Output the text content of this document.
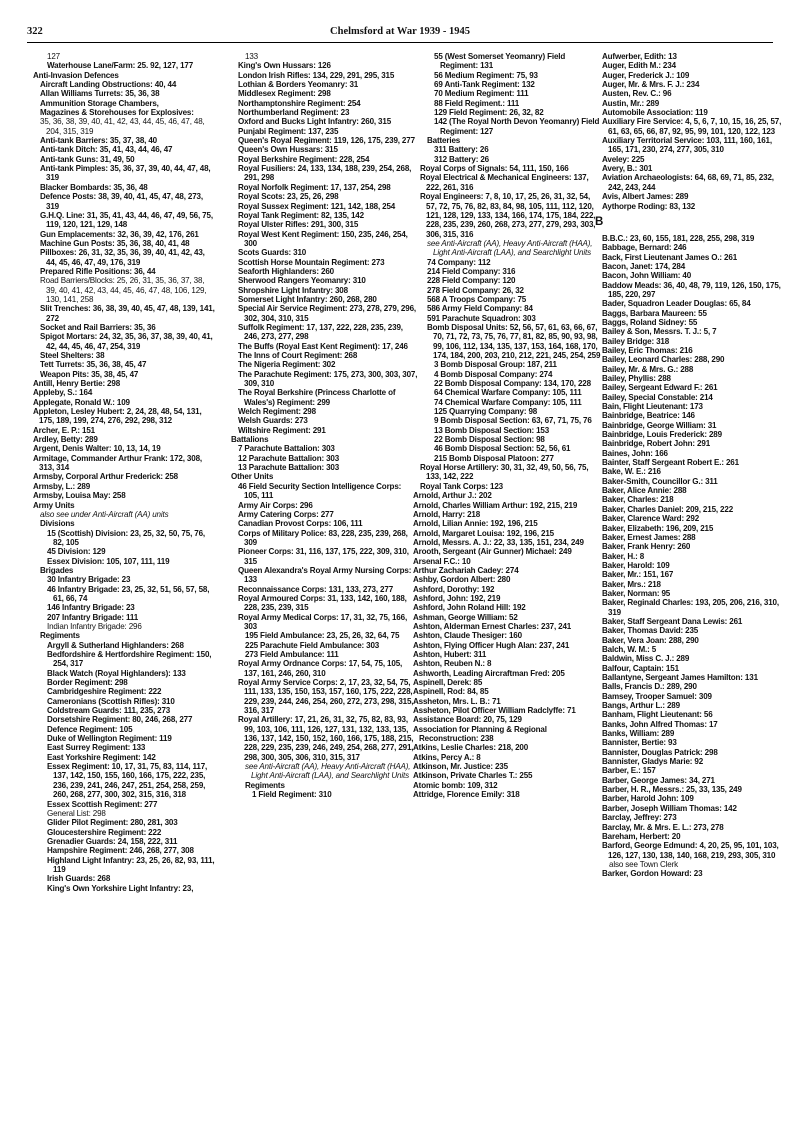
322	Chelmsford at War 1939 - 1945
127
Waterhouse Lane/Farm: 25. 92, 127, 177
Anti-Invasion Defences
Aircraft Landing Obstructions: 40, 44
Allan Williams Turrets: 35, 36, 38
Ammunition Storage Chambers,
Magazines & Storehouses for Explosives:
35, 36, 38, 39, 40, 41, 42, 43, 44, 45, 46, 47, 48, 204, 315, 319
Anti-tank Barriers: 35, 37, 38, 40
Anti-tank Ditch: 35, 41, 43, 44, 46, 47
Anti-tank Guns: 31, 49, 50
Anti-tank Pimples: 35, 36, 37, 39, 40, 44, 47, 48, 319
Blacker Bombards: 35, 36, 48
Defence Posts: 38, 39, 40, 41, 45, 47, 48, 273, 319
G.H.Q. Line: 31, 35, 41, 43, 44, 46, 47, 49, 56, 75, 119, 120, 121, 129, 148
Gun Emplacements: 32, 36, 39, 42, 176, 261
Machine Gun Posts: 35, 36, 38, 40, 41, 48
Pillboxes: 26, 31, 32, 35, 36, 39, 40, 41, 42, 43, 44, 45, 46, 47, 49, 176, 319
Prepared Rifle Positions: 36, 44
Road Barriers/Blocks: 25, 26, 31, 35, 36, 37, 38, 39, 40, 41, 42, 43, 44, 45, 46, 47, 48, 106, 129, 130, 141, 258
Slit Trenches: 36, 38, 39, 40, 45, 47, 48, 139, 141, 272
Socket and Rail Barriers: 35, 36
Spigot Mortars: 24, 32, 35, 36, 37, 38, 39, 40, 41, 42, 44, 45, 46, 47, 254, 319
Steel Shelters: 38
Tett Turrets: 35, 36, 38, 45, 47
Weapon Pits: 35, 38, 45, 47
Antill, Henry Bertie: 298
Appleby, S.: 164
Applegate, Ronald W.: 109
Appleton, Lesley Hubert: 2, 24, 28, 48, 54, 131, 175, 189, 199, 274, 276, 292, 298, 312
Archer, E. P.: 151
Ardley, Betty: 289
Argent, Denis Walter: 10, 13, 14, 19
Armitage, Commander Arthur Frank: 172, 308, 313, 314
Armsby, Corporal Arthur Frederick: 258
Armsby, L.: 289
Armsby, Louisa May: 258
Army Units
also see under Anti-Aircraft (AA) units
Divisions
15 (Scottish) Division: 23, 25, 32, 50, 75, 76, 82, 105
45 Division: 129
Essex Division: 105, 107, 111, 119
Brigades
30 Infantry Brigade: 23
46 Infantry Brigade: 23, 25, 32, 51, 56, 57, 58, 61, 66, 74
146 Infantry Brigade: 23
207 Infantry Brigade: 111
Indian Infantry Brigade: 296
Regiments
Argyll & Sutherland Highlanders: 268
Bedfordshire & Hertfordshire Regiment: 150, 254, 317
Black Watch (Royal Highlanders): 133
Border Regiment: 298
Cambridgeshire Regiment: 222
Cameronians (Scottish Rifles): 310
Coldstream Guards: 111, 235, 273
Dorsetshire Regiment: 80, 246, 268, 277
Defence Regiment: 105
Duke of Wellington Regiment: 119
East Surrey Regiment: 133
East Yorkshire Regiment: 142
Essex Regiment: 10, 17, 31, 75, 83, 114, 117, 137, 142, 150, 155, 160, 166, 175, 222, 235, 236, 239, 241, 246, 247, 251, 254, 258, 259, 260, 268, 277, 300, 302, 315, 316, 318
Essex Scottish Regiment: 277
General List: 298
Glider Pilot Regiment: 280, 281, 303
Gloucestershire Regiment: 222
Grenadier Guards: 24, 158, 222, 311
Hampshire Regiment: 246, 268, 277, 308
Highland Light Infantry: 23, 25, 26, 82, 93, 111, 119
Irish Guards: 268
King's Own Yorkshire Light Infantry: 23,
133
King's Own Hussars: 126
London Irish Rifles: 134, 229, 291, 295, 315
Lothian & Borders Yeomanry: 31
Middlesex Regiment: 298
Northamptonshire Regiment: 254
Northumberland Regiment: 23
Oxford and Bucks Light Infantry: 260, 315
Punjabi Regiment: 137, 235
Queen's Royal Regiment: 119, 126, 175, 239, 277
Queen's Own Hussars: 315
Royal Berkshire Regiment: 228, 254
Royal Fusiliers: 24, 133, 134, 188, 239, 254, 268, 291, 298
Royal Norfolk Regiment: 17, 137, 254, 298
Royal Scots: 23, 25, 26, 298
Royal Sussex Regiment: 121, 142, 188, 254
Royal Tank Regiment: 82, 135, 142
Royal Ulster Rifles: 291, 300, 315
Royal West Kent Regiment: 150, 235, 246, 254, 300
Scots Guards: 310
Scottish Horse Mountain Regiment: 273
Seaforth Highlanders: 260
Sherwood Rangers Yeomanry: 310
Shropshire Light Infantry: 308
Somerset Light Infantry: 260, 268, 280
Special Air Service Regiment: 273, 278, 279, 296, 302, 304, 310, 315
Suffolk Regiment: 17, 137, 222, 228, 235, 239, 246, 273, 277, 298
The Buffs (Royal East Kent Regiment): 17, 246
The Inns of Court Regiment: 268
The Nigeria Regiment: 302
The Parachute Regiment: 175, 273, 300, 303, 307, 309, 310
The Royal Berkshire (Princess Charlotte of Wales's) Regiment: 299
Welch Regiment: 298
Welsh Guards: 273
Wiltshire Regiment: 291
Battalions
7 Parachute Battalion: 303
12 Parachute Battalion: 303
13 Parachute Battalion: 303
Other Units
46 Field Security Section Intelligence Corps: 105, 111
Army Air Corps: 296
Army Catering Corps: 277
Canadian Provost Corps: 106, 111
Corps of Military Police: 83, 228, 235, 239, 268, 309
Pioneer Corps: 31, 116, 137, 175, 222, 309, 310, 315
Queen Alexandra's Royal Army Nursing Corps: 133
Reconnaissance Corps: 131, 133, 273, 277
Royal Armoured Corps: 31, 133, 142, 160, 188, 228, 235, 239, 315
Royal Army Medical Corps: 17, 31, 32, 75, 166, 303
195 Field Ambulance: 23, 25, 26, 32, 64, 75
225 Parachute Field Ambulance: 303
273 Field Ambulance: 111
Royal Army Ordnance Corps: 17, 54, 75, 105, 137, 161, 246, 260, 310
Royal Army Service Corps: 2, 17, 23, 32, 54, 75, 111, 133, 135, 150, 153, 157, 160, 175, 222, 228, 229, 239, 244, 246, 254, 260, 272, 273, 298, 315, 316, 317
Royal Artillery: 17, 21, 26, 31, 32, 75, 82, 83, 93, 99, 103, 106, 111, 126, 127, 131, 132, 133, 135, 136, 137, 142, 150, 152, 160, 166, 175, 188, 215, 228, 229, 235, 239, 246, 249, 254, 268, 277, 291, 298, 300, 305, 306, 310, 315, 317
see Anti-Aircraft (AA), Heavy Anti-Aircraft (HAA), Light Anti-Aircraft (LAA), and Searchlight Units
Regiments
1 Field Regiment: 310
55 (West Somerset Yeomanry) Field Regiment: 131
56 Medium Regiment: 75, 93
69 Anti-Tank Regiment: 132
70 Medium Regiment: 111
88 Field Regiment.: 111
129 Field Regiment: 26, 32, 82
142 (The Royal North Devon Yeomanry) Field Regiment: 127
Batteries
311 Battery: 26
312 Battery: 26
Royal Corps of Signals: 54, 111, 150, 166
Royal Electrical & Mechanical Engineers: 137, 222, 261, 316
Royal Engineers: 7, 8, 10, 17, 25, 26, 31, 32, 54, 57, 72, 75, 76, 82, 83, 84, 98, 105, 111, 112, 120, 121, 128, 129, 133, 134, 166, 174, 175, 184, 222, 228, 235, 239, 260, 268, 273, 277, 279, 293, 303, 306, 315, 316
see Anti-Aircraft (AA), Heavy Anti-Aircraft (HAA), Light Anti-Aircraft (LAA), and Searchlight Units
74 Company: 112
214 Field Company: 316
228 Field Company: 120
278 Field Company: 26, 32
568 A Troops Company: 75
586 Army Field Company: 84
591 Parachute Squadron: 303
Bomb Disposal Units: 52, 56, 57, 61, 63, 66, 67, 70, 71, 72, 73, 75, 76, 77, 81, 82, 85, 90, 93, 98, 99, 106, 112, 134, 135, 137, 153, 164, 168, 170, 174, 184, 200, 203, 210, 212, 221, 245, 254, 259
3 Bomb Disposal Group: 187, 211
4 Bomb Disposal Company: 274
22 Bomb Disposal Company: 134, 170, 228
64 Chemical Warfare Company: 105, 111
74 Chemical Warfare Company: 105, 111
125 Quarrying Company: 98
9 Bomb Disposal Section: 63, 67, 71, 75, 76
13 Bomb Disposal Section: 153
22 Bomb Disposal Section: 98
46 Bomb Disposal Section: 52, 56, 61
215 Bomb Disposal Platoon: 277
Royal Horse Artillery: 30, 31, 32, 49, 50, 56, 75, 133, 142, 222
Royal Tank Corps: 123
Arnold, Arthur J.: 202
Arnold, Charles William Arthur: 192, 215, 219
Arnold, Harry: 218
Arnold, Lilian Annie: 192, 196, 215
Arnold, Margaret Louisa: 192, 196, 215
Arnold, Messrs. A. J.: 22, 33, 135, 151, 234, 249
Arooth, Sergeant (Air Gunner) Michael: 249
Arsenal F.C.: 10
Arthur Zachariah Cadey: 274
Ashby, Gordon Albert: 280
Ashford, Dorothy: 192
Ashford, John: 192, 219
Ashford, John Roland Hill: 192
Ashman, George William: 52
Ashton, Alderman Ernest Charles: 237, 241
Ashton, Claude Thesiger: 160
Ashton, Flying Officer Hugh Alan: 237, 241
Ashton, Hubert: 311
Ashton, Reuben N.: 8
Ashworth, Leading Aircraftman Fred: 205
Aspinell, Derek: 85
Aspinell, Rod: 84, 85
Assheton, Mrs. L. B.: 71
Assheton, Pilot Officer William Radclyffe: 71
Assistance Board: 20, 75, 129
Association for Planning & Regional Reconstruction: 238
Atkins, Leslie Charles: 218, 200
Atkins, Percy A.: 8
Atkinson, Mr. Justice: 235
Atkinson, Private Charles T.: 255
Atomic bomb: 109, 312
Attridge, Florence Emily: 318
Aufwerber, Edith: 13
Auger, Edith M.: 234
Auger, Frederick J.: 109
Auger, Mr. & Mrs. F. J.: 234
Austen, Rev. C.: 96
Austin, Mr.: 289
Automobile Association: 119
Auxiliary Fire Service: 4, 5, 6, 7, 10, 15, 16, 25, 57, 61, 63, 65, 66, 87, 92, 95, 99, 101, 120, 122, 123
Auxiliary Territorial Service: 103, 111, 160, 161, 165, 171, 230, 274, 277, 305, 310
Aveley: 225
Avery, B.: 301
Aviation Archaeologists: 64, 68, 69, 71, 85, 232, 242, 243, 244
Avis, Albert James: 289
Aythorpe Roding: 83, 132
B
B.B.C.: 23, 60, 155, 181, 228, 255, 298, 319
Babbage, Bernard: 246
Back, First Lieutenant James O.: 261
Bacon, Janet: 174, 284
Bacon, John William: 40
Baddow Meads: 36, 40, 48, 79, 119, 126, 150, 175, 185, 220, 297
Bader, Squadron Leader Douglas: 65, 84
Baggs, Barbara Maureen: 55
Baggs, Roland Sidney: 55
Bailey & Son, Messrs. T. J.: 5, 7
Bailey Bridge: 318
Bailey, Eric Thomas: 216
Bailey, Leonard Charles: 288, 290
Bailey, Mr. & Mrs. G.: 288
Bailey, Phyllis: 288
Bailey, Sergeant Edward F.: 261
Bailey, Special Constable: 214
Bain, Flight Lieutenant: 173
Bainbridge, Beatrice: 146
Bainbridge, George William: 31
Bainbridge, Louis Frederick: 289
Bainbridge, Robert John: 291
Baines, John: 166
Bainter, Staff Sergeant Robert E.: 261
Bake, W. E.: 216
Baker-Smith, Councillor G.: 311
Baker, Alice Annie: 288
Baker, Charles: 218
Baker, Charles Daniel: 209, 215, 222
Baker, Clarence Ward: 292
Baker, Elizabeth: 196, 209, 215
Baker, Ernest James: 288
Baker, Frank Henry: 260
Baker, H.: 8
Baker, Harold: 109
Baker, Mr.: 151, 167
Baker, Mrs.: 218
Baker, Norman: 95
Baker, Reginald Charles: 193, 205, 206, 216, 310, 319
Baker, Staff Sergeant Dana Lewis: 261
Baker, Thomas David: 235
Baker, Vera Joan: 288, 290
Balch, W. M.: 5
Baldwin, Miss C. J.: 289
Balfour, Captain: 151
Ballantyne, Sergeant James Hamilton: 131
Balls, Francis D.: 289, 290
Bamsey, Trooper Samuel: 309
Bangs, Arthur L.: 289
Banham, Flight Lieutenant: 56
Banks, John Alfred Thomas: 17
Banks, William: 289
Bannister, Bertie: 93
Bannister, Douglas Patrick: 298
Bannister, Gladys Marie: 92
Barber, E.: 157
Barber, George James: 34, 271
Barber, H. R., Messrs.: 25, 33, 135, 249
Barber, Harold John: 109
Barber, Joseph William Thomas: 142
Barclay, Jeffrey: 273
Barclay, Mr. & Mrs. E. L.: 273, 278
Bareham, Herbert: 20
Barford, George Edmund: 4, 20, 25, 95, 101, 103, 126, 127, 130, 138, 140, 168, 219, 293, 305, 310
also see Town Clerk
Barker, Gordon Howard: 23
